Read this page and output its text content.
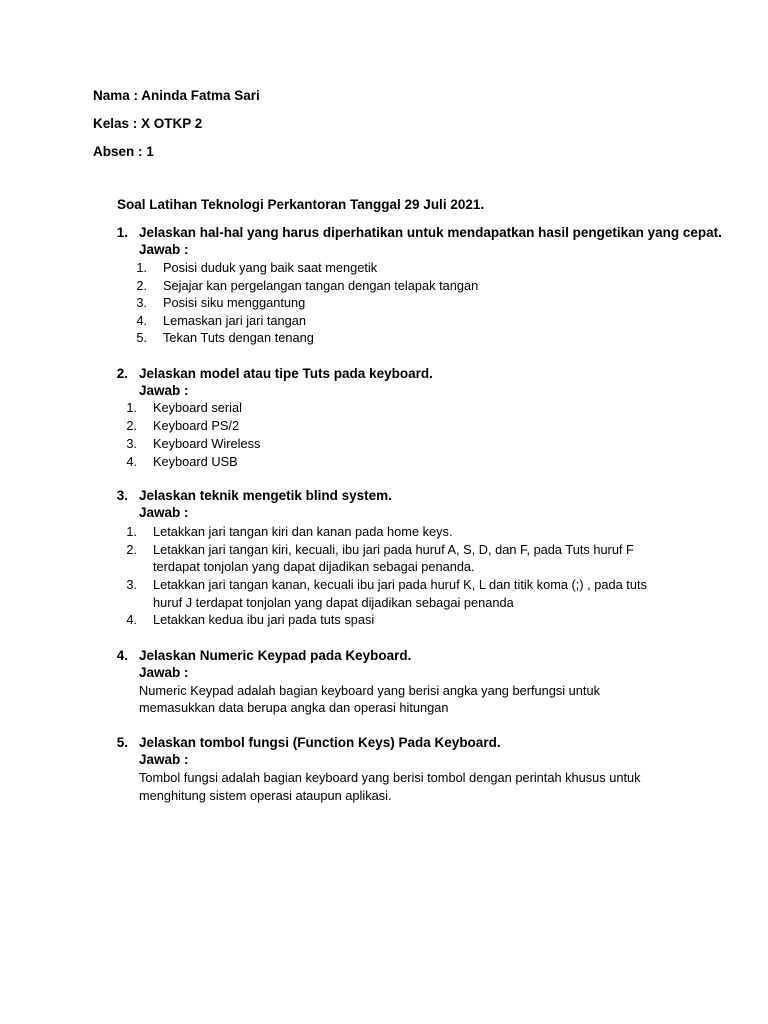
Nama : Aninda Fatma Sari
Kelas : X OTKP 2
Absen : 1
Soal Latihan Teknologi Perkantoran Tanggal 29 Juli 2021.
1. Jelaskan hal-hal yang harus diperhatikan untuk mendapatkan hasil pengetikan yang cepat.
Jawab :
1. Posisi duduk yang baik saat mengetik
2. Sejajar kan pergelangan tangan dengan telapak tangan
3. Posisi siku menggantung
4. Lemaskan jari jari tangan
5. Tekan Tuts dengan tenang
2. Jelaskan model atau tipe Tuts pada keyboard.
Jawab :
1. Keyboard serial
2. Keyboard PS/2
3. Keyboard Wireless
4. Keyboard USB
3. Jelaskan teknik mengetik blind system.
Jawab :
1. Letakkan jari tangan kiri dan kanan pada home keys.
2. Letakkan jari tangan kiri, kecuali, ibu jari pada huruf A, S, D, dan F, pada Tuts huruf F
terdapat tonjolan yang dapat dijadikan sebagai penanda.
3. Letakkan jari tangan kanan, kecuali ibu jari pada huruf K, L dan titik koma (;) , pada tuts
huruf J terdapat tonjolan yang dapat dijadikan sebagai penanda
4. Letakkan kedua ibu jari pada tuts spasi
4. Jelaskan Numeric Keypad pada Keyboard.
Jawab :
Numeric Keypad adalah bagian keyboard yang berisi angka yang berfungsi untuk
memasukkan data berupa angka dan operasi hitungan
5. Jelaskan tombol fungsi (Function Keys) Pada Keyboard.
Jawab :
Tombol fungsi adalah bagian keyboard yang berisi tombol dengan perintah khusus untuk
menghitung sistem operasi ataupun aplikasi.
